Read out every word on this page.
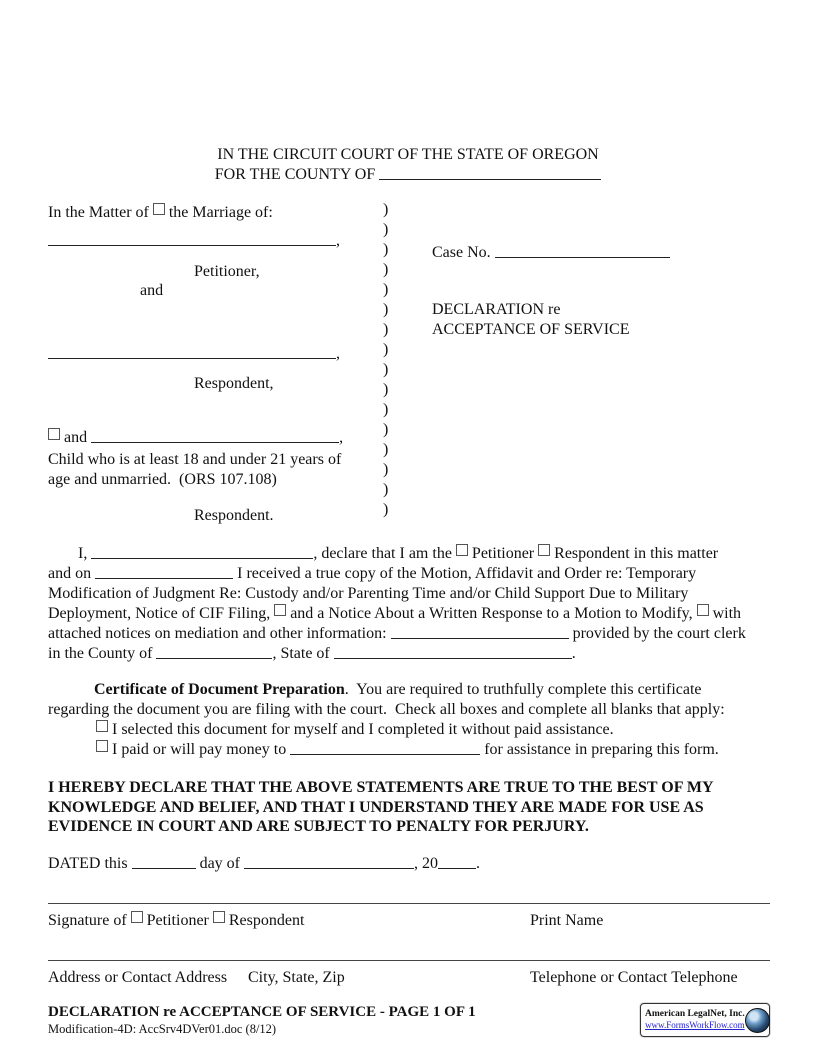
IN THE CIRCUIT COURT OF THE STATE OF OREGON
FOR THE COUNTY OF
In the Matter of  the Marriage of:
,
Petitioner,
and
,
Respondent,
and	,
Child who is at least 18 and under 21 years of
age and unmarried.  (ORS 107.108)
Respondent.
)
)
)
)
)
)
)
)
)
)
)
)
)
)
)
)
Case No.
DECLARATION re
ACCEPTANCE OF SERVICE
I,	, declare that I am the  Petitioner  Respondent in this matter
and on	I received a true copy of the Motion, Affidavit and Order re: Temporary
Modification of Judgment Re: Custody and/or Parenting Time and/or Child Support Due to Military
Deployment, Notice of CIF Filing,  and a Notice About a Written Response to a Motion to Modify,  with
attached notices on mediation and other information:	provided by the court clerk
in the County of	, State of	.
Certificate of Document Preparation.  You are required to truthfully complete this certificate
regarding the document you are filing with the court.  Check all boxes and complete all blanks that apply:
I selected this document for myself and I completed it without paid assistance.
I paid or will pay money to	for assistance in preparing this form.
I HEREBY DECLARE THAT THE ABOVE STATEMENTS ARE TRUE TO THE BEST OF MY
KNOWLEDGE AND BELIEF, AND THAT I UNDERSTAND THEY ARE MADE FOR USE AS
EVIDENCE IN COURT AND ARE SUBJECT TO PENALTY FOR PERJURY.
DATED this	day of	, 20 .
Signature of  Petitioner  Respondent	Print Name
Address or Contact Address City, State, Zip	Telephone or Contact Telephone
DECLARATION re ACCEPTANCE OF SERVICE - PAGE 1 OF 1
Modification-4D: AccSrv4DVer01.doc (8/12)
American LegalNet, Inc.
www.FormsWorkFlow.com
